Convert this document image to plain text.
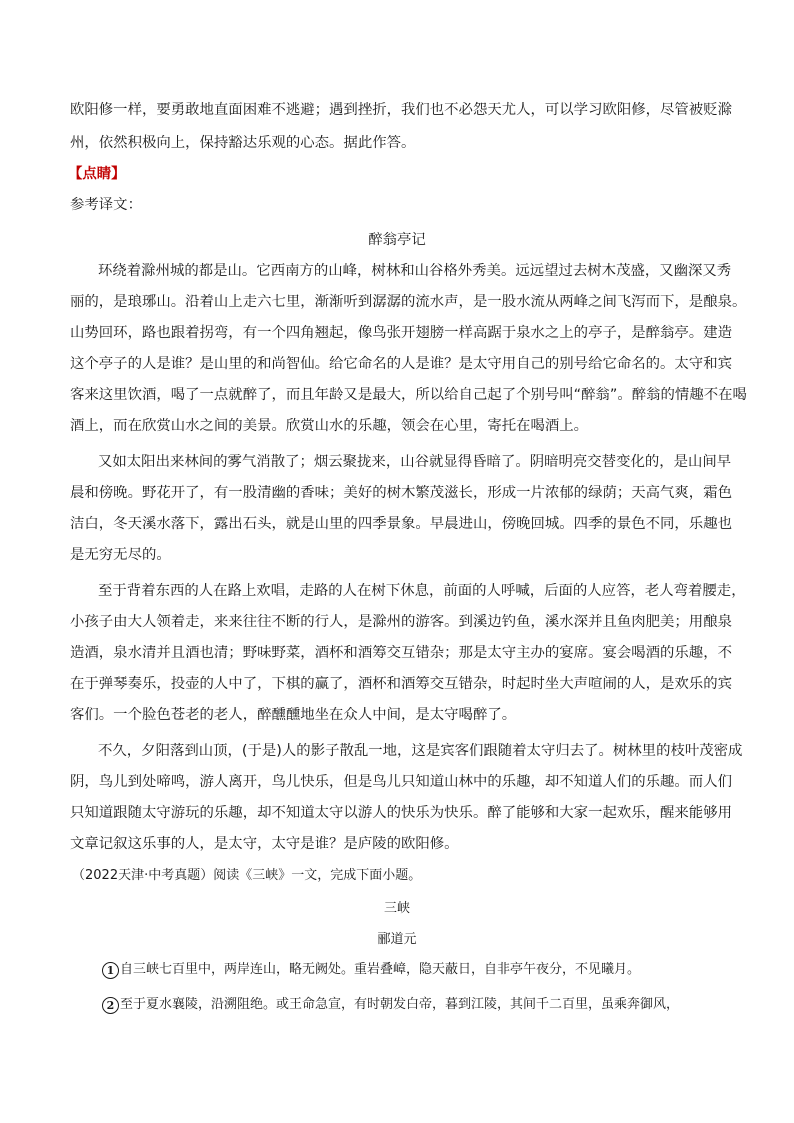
欧阳修一样，要勇敢地直面困难不逃避；遇到挫折，我们也不必怨天尤人，可以学习欧阳修，尽管被贬滁
州，依然积极向上，保持豁达乐观的心态。据此作答。
【点睛】
参考译文：
醉翁亭记
环绕着滁州城的都是山。它西南方的山峰，树林和山谷格外秀美。远远望过去树木茂盛，又幽深又秀
丽的，是琅琊山。沿着山上走六七里，渐渐听到潺潺的流水声，是一股水流从两峰之间飞泻而下，是酿泉。
山势回环，路也跟着拐弯，有一个四角翘起，像鸟张开翅膀一样高踞于泉水之上的亭子，是醉翁亭。建造
这个亭子的人是谁？是山里的和尚智仙。给它命名的人是谁？是太守用自己的别号给它命名的。太守和宾
客来这里饮酒，喝了一点就醉了，而且年龄又是最大，所以给自己起了个别号叫“醉翁”。醉翁的情趣不在喝
酒上，而在欣赏山水之间的美景。欣赏山水的乐趣，领会在心里，寄托在喝酒上。
又如太阳出来林间的雾气消散了；烟云聚拢来，山谷就显得昏暗了。阴暗明亮交替变化的，是山间早
晨和傍晚。野花开了，有一股清幽的香味；美好的树木繁茂滋长，形成一片浓郁的绿荫；天高气爽，霜色
洁白，冬天溪水落下，露出石头，就是山里的四季景象。早晨进山，傍晚回城。四季的景色不同，乐趣也
是无穷无尽的。
至于背着东西的人在路上欢唱，走路的人在树下休息，前面的人呼喊，后面的人应答，老人弯着腰走，
小孩子由大人领着走，来来往往不断的行人，是滁州的游客。到溪边钓鱼，溪水深并且鱼肉肥美；用酿泉
造酒，泉水清并且酒也清；野味野菜，酒杯和酒筹交互错杂；那是太守主办的宴席。宴会喝酒的乐趣，不
在于弹琴奏乐，投壶的人中了，下棋的赢了，酒杯和酒筹交互错杂，时起时坐大声喧闹的人，是欢乐的宾
客们。一个脸色苍老的老人，醉醺醺地坐在众人中间，是太守喝醉了。
不久，夕阳落到山顶，(于是)人的影子散乱一地，这是宾客们跟随着太守归去了。树林里的枝叶茂密成
阴，鸟儿到处啼鸣，游人离开，鸟儿快乐，但是鸟儿只知道山林中的乐趣，却不知道人们的乐趣。而人们
只知道跟随太守游玩的乐趣，却不知道太守以游人的快乐为快乐。醉了能够和大家一起欢乐，醒来能够用
文章记叙这乐事的人，是太守，太守是谁？是庐陵的欧阳修。
（2022天津·中考真题）阅读《三峡》一文，完成下面小题。
三峡
郦道元
1 自三峡七百里中，两岸连山，略无阙处。重岩叠嶂，隐天蔽日，自非亭午夜分，不见曦月。
2 至于夏水襄陵，沿溯阻绝。或王命急宣，有时朝发白帝，暮到江陵，其间千二百里，虽乘奔御风，
